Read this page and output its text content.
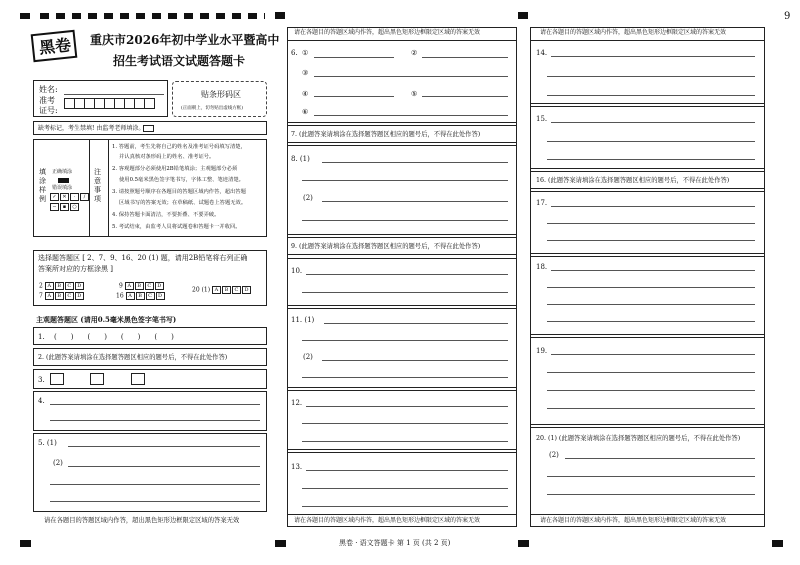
9
黑卷 重庆市2026年初中学业水平暨高中
招生考试语文试题答题卡
姓名:
准考
证号:
贴条形码区
(正面朝上，切勿贴出虚线方框)
缺考标记，考生禁填! 由监考老师填涂。
填涂样例
正确填涂
错误填涂
✓ ✕ · /
− ▪ ○
注意事项
1. 答题前，考生先将自己的姓名及准考证号码填写清楚，
并认真核对条形码上的姓名、准考证号。
2. 客观题部分必须使用2B铅笔填涂；主观题部分必须
使用0.5毫米黑色签字笔书写，字体工整、笔迹清楚。
3. 请按照题号顺序在各题目的答题区域内作答，超出答题
区域书写的答案无效；在草稿纸、试题卷上答题无效。
4. 保持答题卡面清洁，不要折叠、不要弄破。
5. 考试结束，由监考人员将试题卷和答题卡一并收回。
选择题答题区 [ 2、7、9、16、20 (1) 题，请用2B铅笔将右列正确
答案所对应的方框涂黑 ]
2 A B C D
7 A B C D
9 A B C D
16 A B C D
20 (1) A B C D
主观题答题区 (请用0.5毫米黑色签字笔书写)
1. (　　)　　(　　)　　(　　)　　(　　)
2. (此题答案请填涂在选择题答题区相应的题号后，不得在此处作答)
3.
4.
5. (1)
(2)
请在各题目的答题区域内作答，超出黑色矩形边框限定区域的答案无效
请在各题目的答题区域内作答，超出黑色矩形边框限定区域的答案无效
6. ①	②
③
④	⑤
⑥
7. (此题答案请填涂在选择题答题区相应的题号后，不得在此处作答)
8. (1)
(2)
9. (此题答案请填涂在选择题答题区相应的题号后，不得在此处作答)
10.
11. (1)
(2)
12.
13.
请在各题目的答题区域内作答，超出黑色矩形边框限定区域的答案无效
请在各题目的答题区域内作答，超出黑色矩形边框限定区域的答案无效
14.
15.
16. (此题答案请填涂在选择题答题区相应的题号后，不得在此处作答)
17.
18.
19.
20. (1) (此题答案请填涂在选择题答题区相应的题号后，不得在此处作答)
(2)
请在各题目的答题区域内作答，超出黑色矩形边框限定区域的答案无效
黑卷 · 语文答题卡 第 1 页 (共 2 页)
